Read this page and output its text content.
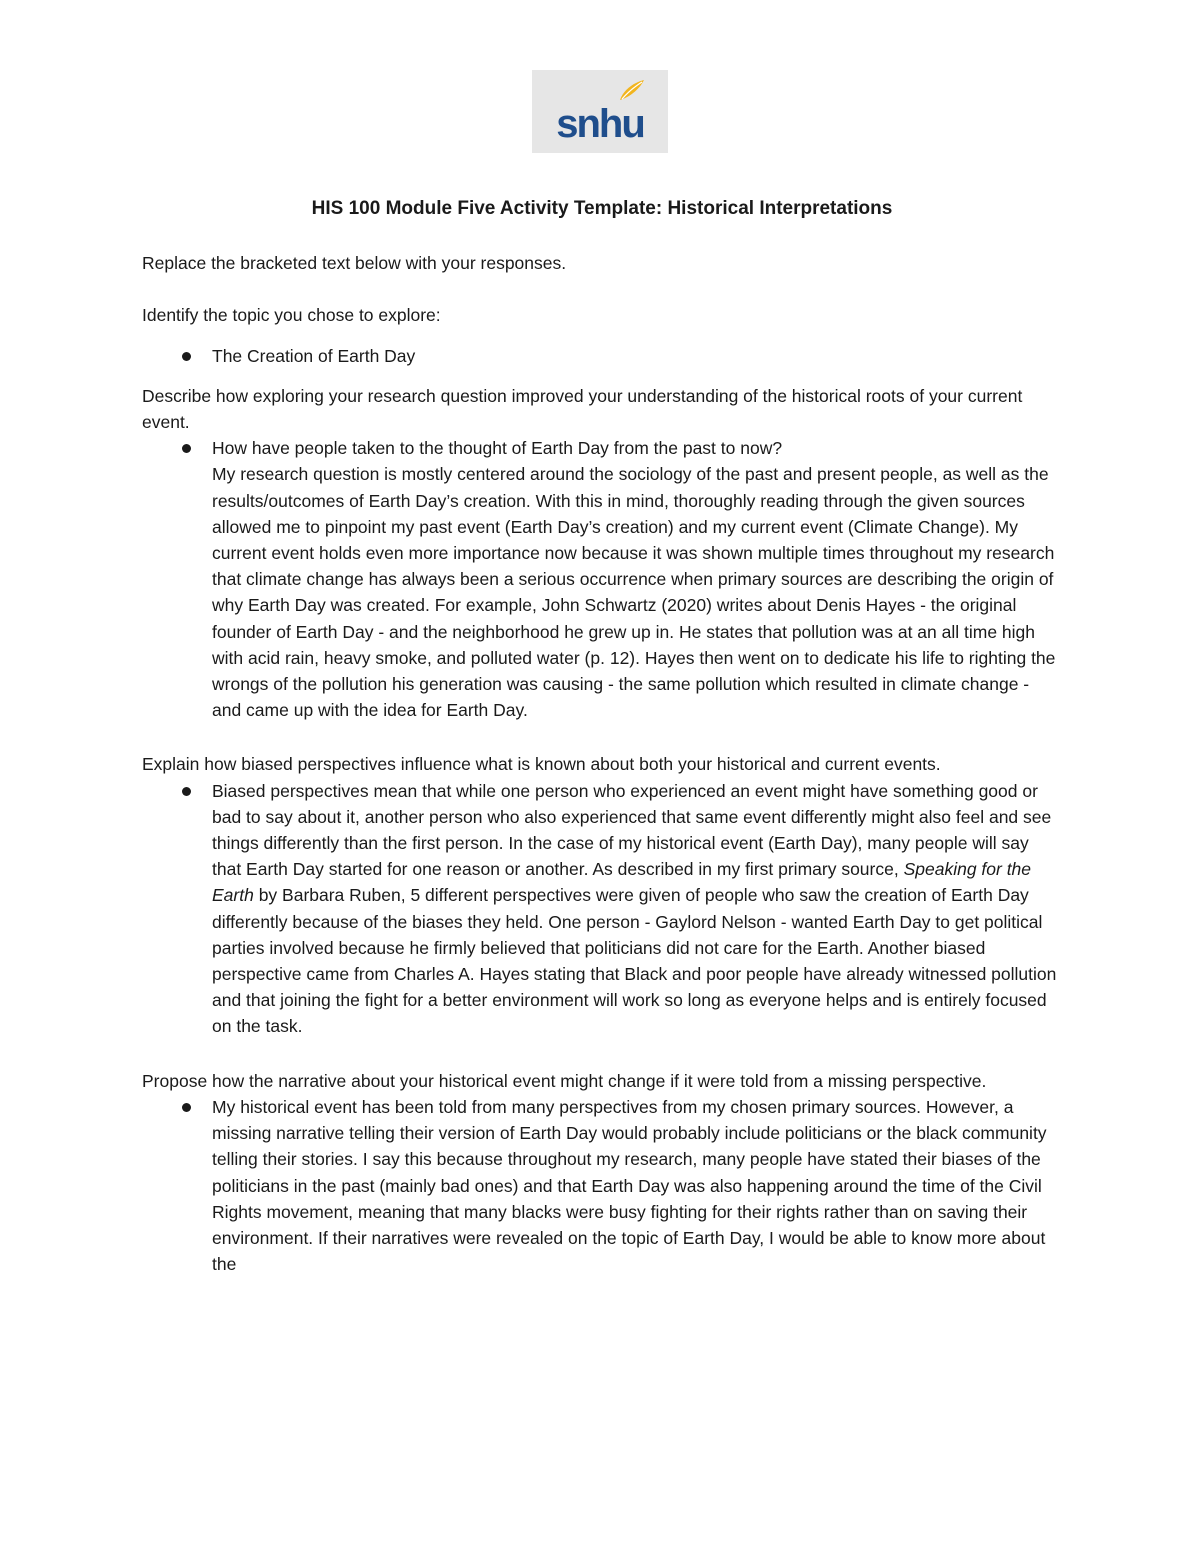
snhu

HIS 100 Module Five Activity Template: Historical Interpretations

Replace the bracketed text below with your responses.

Identify the topic you chose to explore:

The Creation of Earth Day

Describe how exploring your research question improved your understanding of the historical roots of your current event.

How have people taken to the thought of Earth Day from the past to now?
My research question is mostly centered around the sociology of the past and present people, as well as the results/outcomes of Earth Day’s creation. With this in mind, thoroughly reading through the given sources allowed me to pinpoint my past event (Earth Day’s creation) and my current event (Climate Change). My current event holds even more importance now because it was shown multiple times throughout my research that climate change has always been a serious occurrence when primary sources are describing the origin of why Earth Day was created. For example, John Schwartz (2020) writes about Denis Hayes - the original founder of Earth Day - and the neighborhood he grew up in. He states that pollution was at an all time high with acid rain, heavy smoke, and polluted water (p. 12). Hayes then went on to dedicate his life to righting the wrongs of the pollution his generation was causing - the same pollution which resulted in climate change - and came up with the idea for Earth Day.

Explain how biased perspectives influence what is known about both your historical and current events.

Biased perspectives mean that while one person who experienced an event might have something good or bad to say about it, another person who also experienced that same event differently might also feel and see things differently than the first person. In the case of my historical event (Earth Day), many people will say that Earth Day started for one reason or another. As described in my first primary source, Speaking for the Earth by Barbara Ruben, 5 different perspectives were given of people who saw the creation of Earth Day differently because of the biases they held. One person - Gaylord Nelson - wanted Earth Day to get political parties involved because he firmly believed that politicians did not care for the Earth. Another biased perspective came from Charles A. Hayes stating that Black and poor people have already witnessed pollution and that joining the fight for a better environment will work so long as everyone helps and is entirely focused on the task.

Propose how the narrative about your historical event might change if it were told from a missing perspective.

My historical event has been told from many perspectives from my chosen primary sources. However, a missing narrative telling their version of Earth Day would probably include politicians or the black community telling their stories. I say this because throughout my research, many people have stated their biases of the politicians in the past (mainly bad ones) and that Earth Day was also happening around the time of the Civil Rights movement, meaning that many blacks were busy fighting for their rights rather than on saving their environment. If their narratives were revealed on the topic of Earth Day, I would be able to know more about the
